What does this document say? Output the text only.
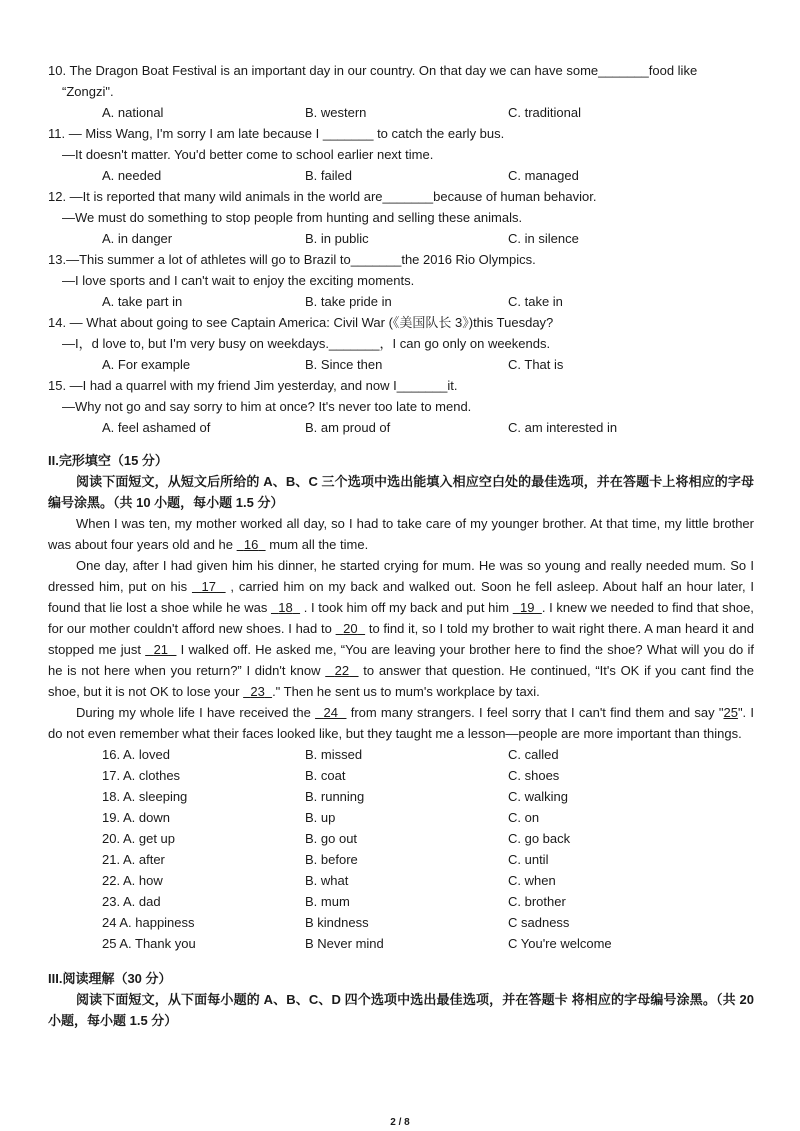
10. The Dragon Boat Festival is an important day in our country. On that day we can have some_______food like
“Zongzi".
A. national	B. western	C. traditional
11. — Miss Wang, I'm sorry I am late because I _______ to catch the early bus.
—It doesn't matter. You'd better come to school earlier next time.
A. needed	B. failed	C. managed
12. —It is reported that many wild animals in the world are_______because of human behavior.
—We must do something to stop people from hunting and selling these animals.
A. in danger	B. in public	C. in silence
13.—This summer a lot of athletes will go to Brazil to_______the 2016 Rio Olympics.
—I love sports and I can't wait to enjoy the exciting moments.
A. take part in	B. take pride in	C. take in
14. — What about going to see Captain America: Civil War (《美国队长 3》)this Tuesday?
—I，d love to, but I'm very busy on weekdays._______，I can go only on weekends.
A. For example	B. Since then	C. That is
15. —I had a quarrel with my friend Jim yesterday, and now I_______it.
—Why not go and say sorry to him at once? It's never too late to mend.
A. feel ashamed of	B. am proud of	C. am interested in
II.完形填空（15 分）
阅读下面短文，从短文后所给的 A、B、C 三个选项中选出能填入相应空白处的最佳选项，并在答题卡上将相应的字母编号涂黑。（共 10 小题，每小题 1.5 分）
When I was ten, my mother worked all day, so I had to take care of my younger brother. At that time, my little brother was about four years old and he 16 mum all the time.
One day, after I had given him his dinner, he started crying for mum. He was so young and really needed mum. So I dressed him, put on his 17 , carried him on my back and walked out. Soon he fell asleep. About half an hour later, I found that lie lost a shoe while he was 18 . I took him off my back and put him 19 . I knew we needed to find that shoe, for our mother couldn't afford new shoes. I had to 20 to find it, so I told my brother to wait right there. A man heard it and stopped me just 21 I walked off. He asked me, “You are leaving your brother here to find the shoe? What will you do if he is not here when you return?” I didn't know 22 to answer that question. He continued, “It's OK if you cant find the shoe, but it is not OK to lose your 23 ." Then he sent us to mum's workplace by taxi.
During my whole life I have received the 24 from many strangers. I feel sorry that I can't find them and say "25". I do not even remember what their faces looked like, but they taught me a lesson—people are more important than things.
16. A. loved	B. missed	C. called
17. A. clothes	B. coat	C. shoes
18. A. sleeping	B. running	C. walking
19. A. down	B. up	C. on
20. A. get up	B. go out	C. go back
21. A. after	B. before	C. until
22. A. how	B. what	C. when
23. A. dad	B. mum	C. brother
24 A. happiness	B kindness	C sadness
25 A. Thank you	B Never mind	C You're welcome
III.阅读理解（30 分）
阅读下面短文，从下面每小题的 A、B、C、D 四个选项中选出最佳选项，并在答题卡 将相应的字母编号涂黑。（共 20 小题，每小题 1.5 分）
2 / 8
